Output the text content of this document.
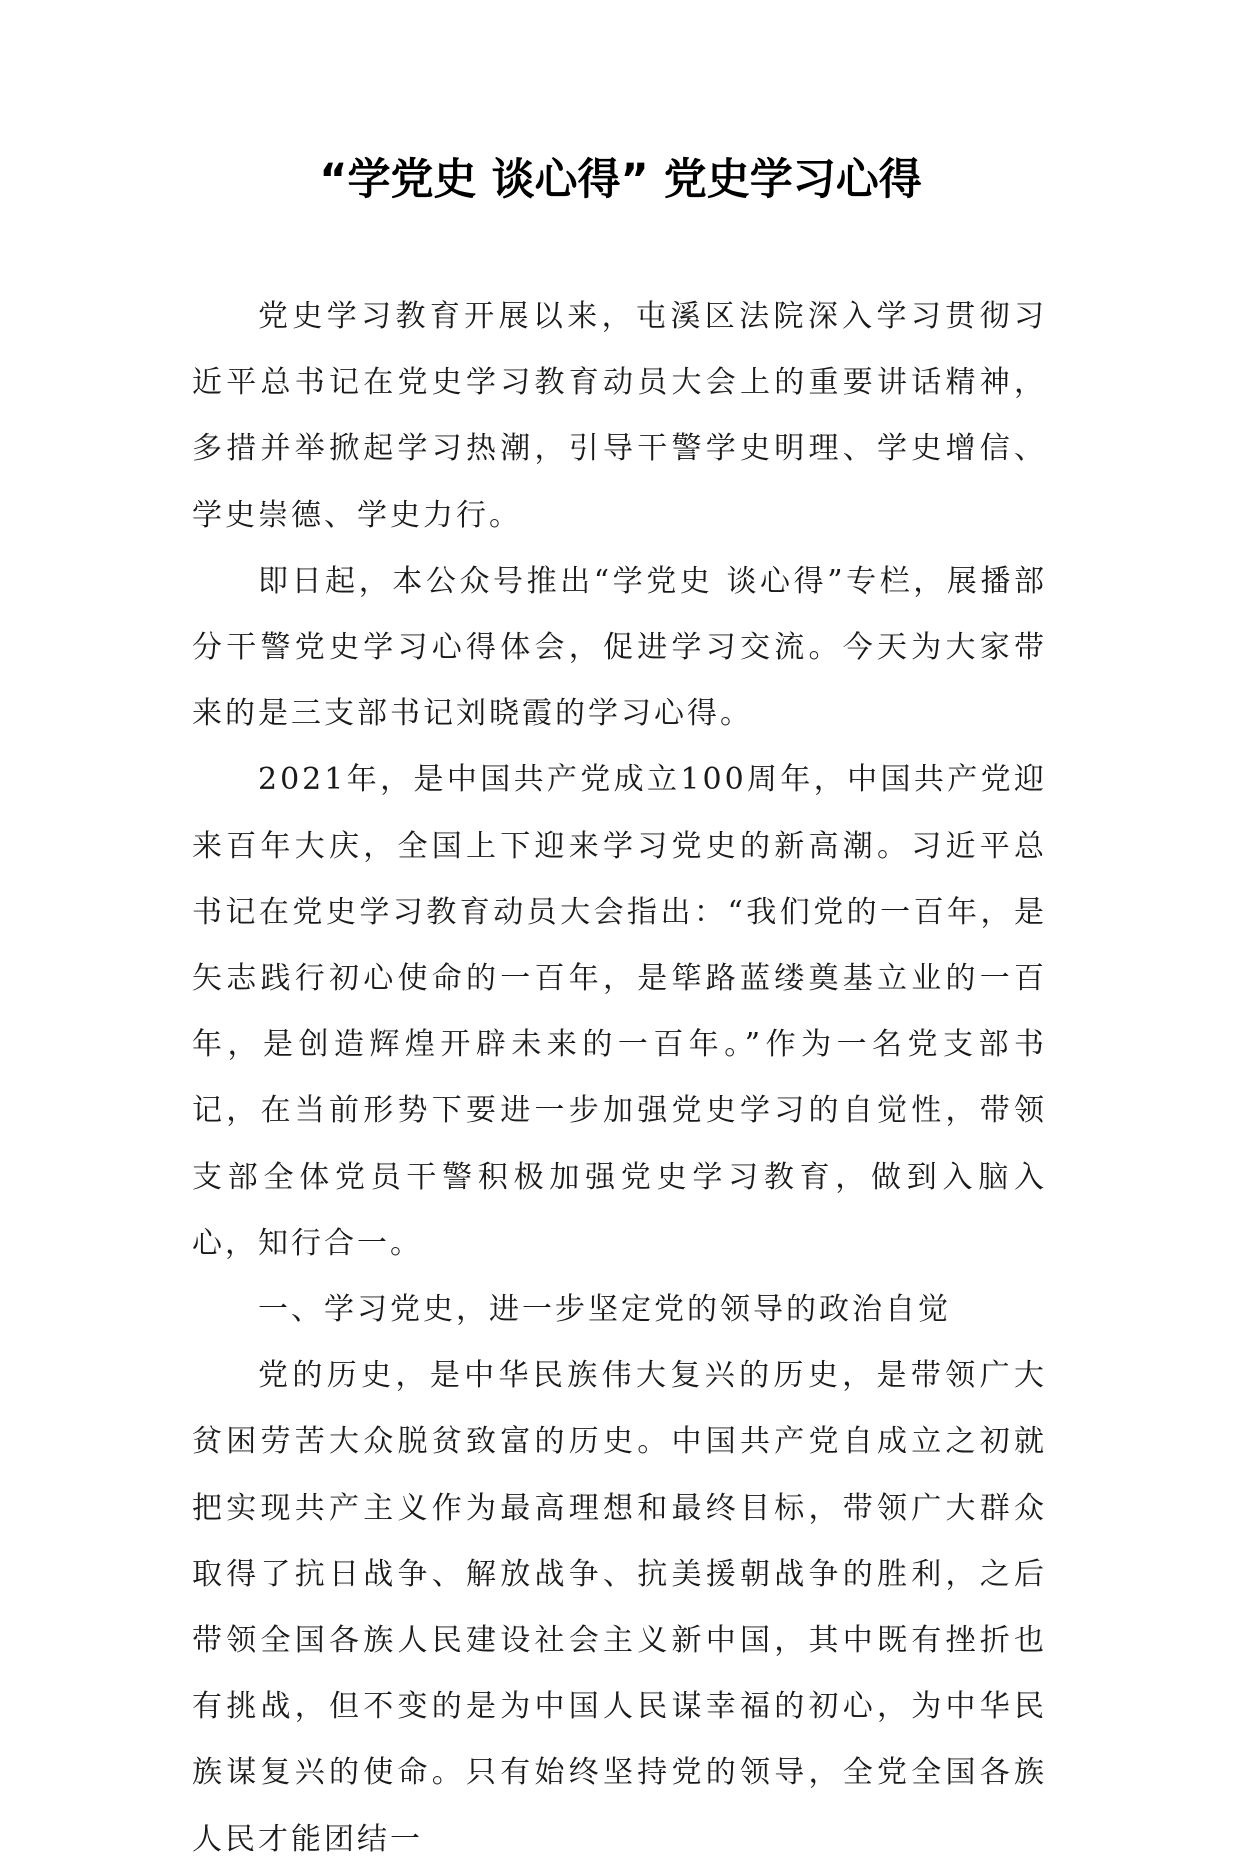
“学党史 谈心得” 党史学习心得

党史学习教育开展以来，屯溪区法院深入学习贯彻习近平总书记在党史学习教育动员大会上的重要讲话精神，多措并举掀起学习热潮，引导干警学史明理、学史增信、学史崇德、学史力行。

即日起，本公众号推出“学党史 谈心得”专栏，展播部分干警党史学习心得体会，促进学习交流。今天为大家带来的是三支部书记刘晓霞的学习心得。

2021年，是中国共产党成立100周年，中国共产党迎来百年大庆，全国上下迎来学习党史的新高潮。习近平总书记在党史学习教育动员大会指出：“我们党的一百年，是矢志践行初心使命的一百年，是筚路蓝缕奠基立业的一百年，是创造辉煌开辟未来的一百年。”作为一名党支部书记，在当前形势下要进一步加强党史学习的自觉性，带领支部全体党员干警积极加强党史学习教育，做到入脑入心，知行合一。

一、学习党史，进一步坚定党的领导的政治自觉

党的历史，是中华民族伟大复兴的历史，是带领广大贫困劳苦大众脱贫致富的历史。中国共产党自成立之初就把实现共产主义作为最高理想和最终目标，带领广大群众取得了抗日战争、解放战争、抗美援朝战争的胜利，之后带领全国各族人民建设社会主义新中国，其中既有挫折也有挑战，但不变的是为中国人民谋幸福的初心，为中华民族谋复兴的使命。只有始终坚持党的领导，全党全国各族人民才能团结一
